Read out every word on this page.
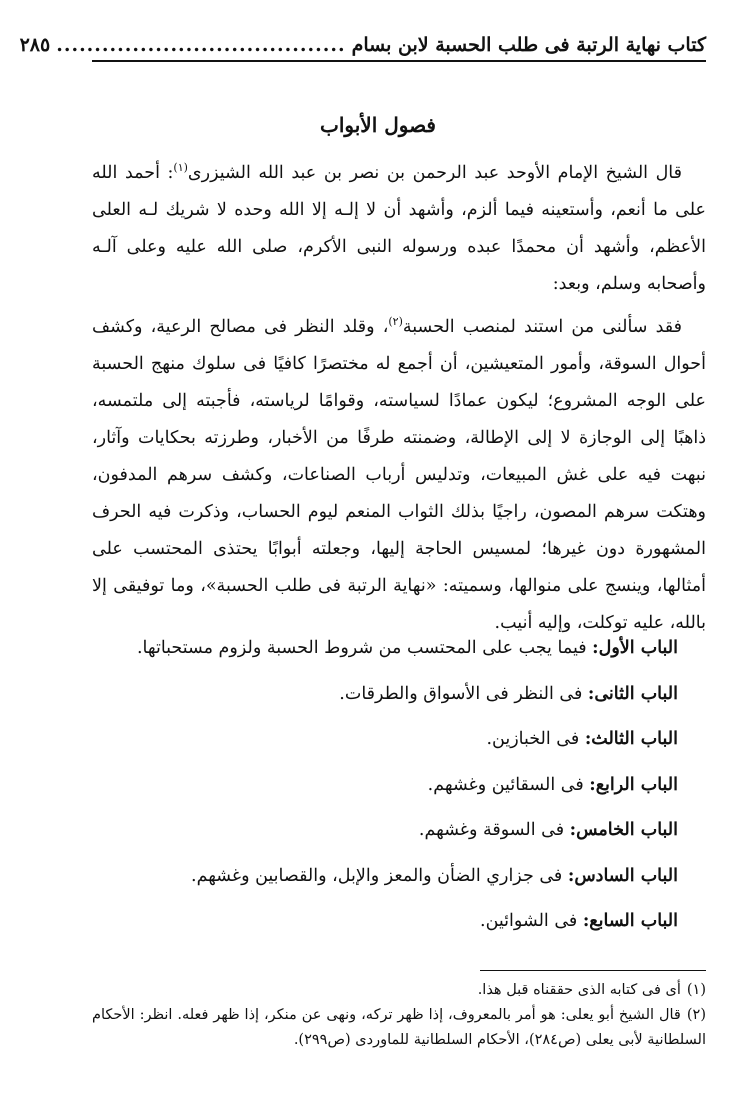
كتاب نهاية الرتبة فى طلب الحسبة لابن بسام
......................................
٢٨٥
فصول الأبواب

قال الشيخ الإمام الأوحد عبد الرحمن بن نصر بن عبد الله الشيزرى$^{(١)}$: أحمد الله على ما أنعم، وأستعينه فيما ألزم، وأشهد أن لا إلـه إلا الله وحده لا شريك لـه العلى الأعظم، وأشهد أن محمدًا عبده ورسوله النبى الأكرم، صلى الله عليه وعلى آلـه وأصحابه وسلم، وبعد:

فقد سألنى من استند لمنصب الحسبة$^{(٢)}$، وقلد النظر فى مصالح الرعية، وكشف أحوال السوقة، وأمور المتعيشين، أن أجمع له مختصرًا كافيًا فى سلوك منهج الحسبة على الوجه المشروع؛ ليكون عمادًا لسياسته، وقوامًا لرياسته، فأجبته إلى ملتمسه، ذاهبًا إلى الوجازة لا إلى الإطالة، وضمنته طرفًا من الأخبار، وطرزته بحكايات وآثار، نبهت فيه على غش المبيعات، وتدليس أرباب الصناعات، وكشف سرهم المدفون، وهتكت سرهم المصون، راجيًا بذلك الثواب المنعم ليوم الحساب، وذكرت فيه الحرف المشهورة دون غيرها؛ لمسيس الحاجة إليها، وجعلته أبوابًا يحتذى المحتسب على أمثالها، وينسج على منوالها، وسميته: «نهاية الرتبة فى طلب الحسبة»، وما توفيقى إلا بالله، عليه توكلت، وإليه أنيب.

الباب الأول: فيما يجب على المحتسب من شروط الحسبة ولزوم مستحباتها.
الباب الثانى: فى النظر فى الأسواق والطرقات.
الباب الثالث: فى الخبازين.
الباب الرابع: فى السقائين وغشهم.
الباب الخامس: فى السوقة وغشهم.
الباب السادس: فى جزاري الضأن والمعز والإبل، والقصابين وغشهم.
الباب السابع: فى الشوائين.
(١)أى فى كتابه الذى حققناه قبل هذا.
(٢)قال الشيخ أبو يعلى: هو أمر بالمعروف، إذا ظهر تركه، ونهى عن منكر، إذا ظهر فعله. انظر: الأحكام السلطانية لأبى يعلى (ص٢٨٤)، الأحكام السلطانية للماوردى (ص٢٩٩).
